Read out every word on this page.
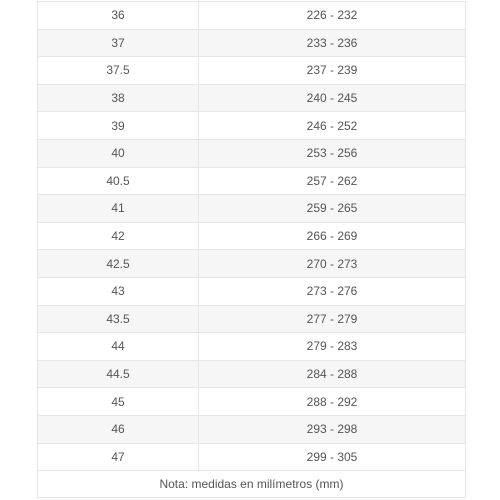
36	226 - 232
37	233 - 236
37.5	237 - 239
38	240 - 245
39	246 - 252
40	253 - 256
40.5	257 - 262
41	259 - 265
42	266 - 269
42.5	270 - 273
43	273 - 276
43.5	277 - 279
44	279 - 283
44.5	284 - 288
45	288 - 292
46	293 - 298
47	299 - 305
Nota: medidas en milímetros (mm)	
